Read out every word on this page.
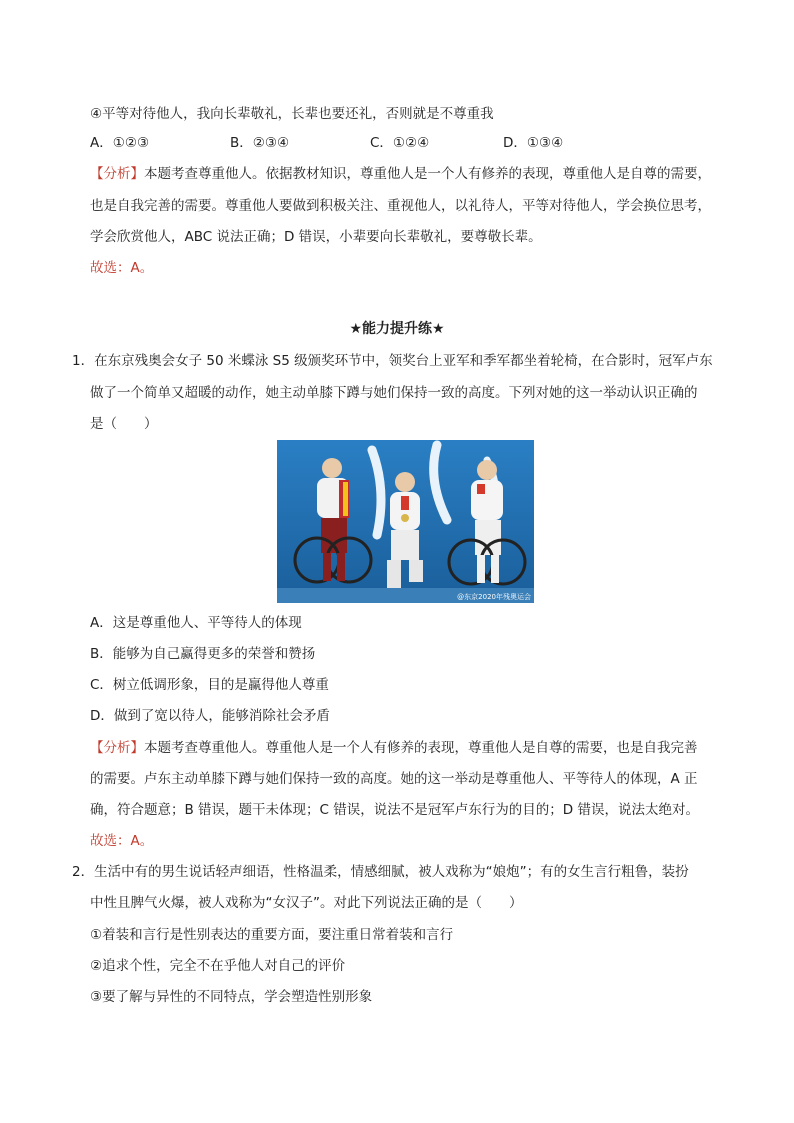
④平等对待他人，我向长辈敬礼，长辈也要还礼，否则就是不尊重我
A．①②③	B．②③④	C．①②④	D．①③④
【分析】本题考查尊重他人。依据教材知识，尊重他人是一个人有修养的表现，尊重他人是自尊的需要，
也是自我完善的需要。尊重他人要做到积极关注、重视他人，以礼待人，平等对待他人，学会换位思考，
学会欣赏他人，ABC 说法正确；D 错误，小辈要向长辈敬礼，要尊敬长辈。
故选：A。
★能力提升练★
1．在东京残奥会女子 50 米蝶泳 S5 级颁奖环节中，领奖台上亚军和季军都坐着轮椅，在合影时，冠军卢东
做了一个简单又超暖的动作，她主动单膝下蹲与她们保持一致的高度。下列对她的这一举动认识正确的
是（　　）
@东京2020年残奥运会
A．这是尊重他人、平等待人的体现
B．能够为自己赢得更多的荣誉和赞扬
C．树立低调形象，目的是赢得他人尊重
D．做到了宽以待人，能够消除社会矛盾
【分析】本题考查尊重他人。尊重他人是一个人有修养的表现，尊重他人是自尊的需要，也是自我完善
的需要。卢东主动单膝下蹲与她们保持一致的高度。她的这一举动是尊重他人、平等待人的体现，A 正
确，符合题意；B 错误，题干未体现；C 错误，说法不是冠军卢东行为的目的；D 错误，说法太绝对。
故选：A。
2．生活中有的男生说话轻声细语，性格温柔，情感细腻，被人戏称为“娘炮”；有的女生言行粗鲁，装扮
中性且脾气火爆，被人戏称为“女汉子”。对此下列说法正确的是（　　）
①着装和言行是性别表达的重要方面，要注重日常着装和言行
②追求个性，完全不在乎他人对自己的评价
③要了解与异性的不同特点，学会塑造性别形象
